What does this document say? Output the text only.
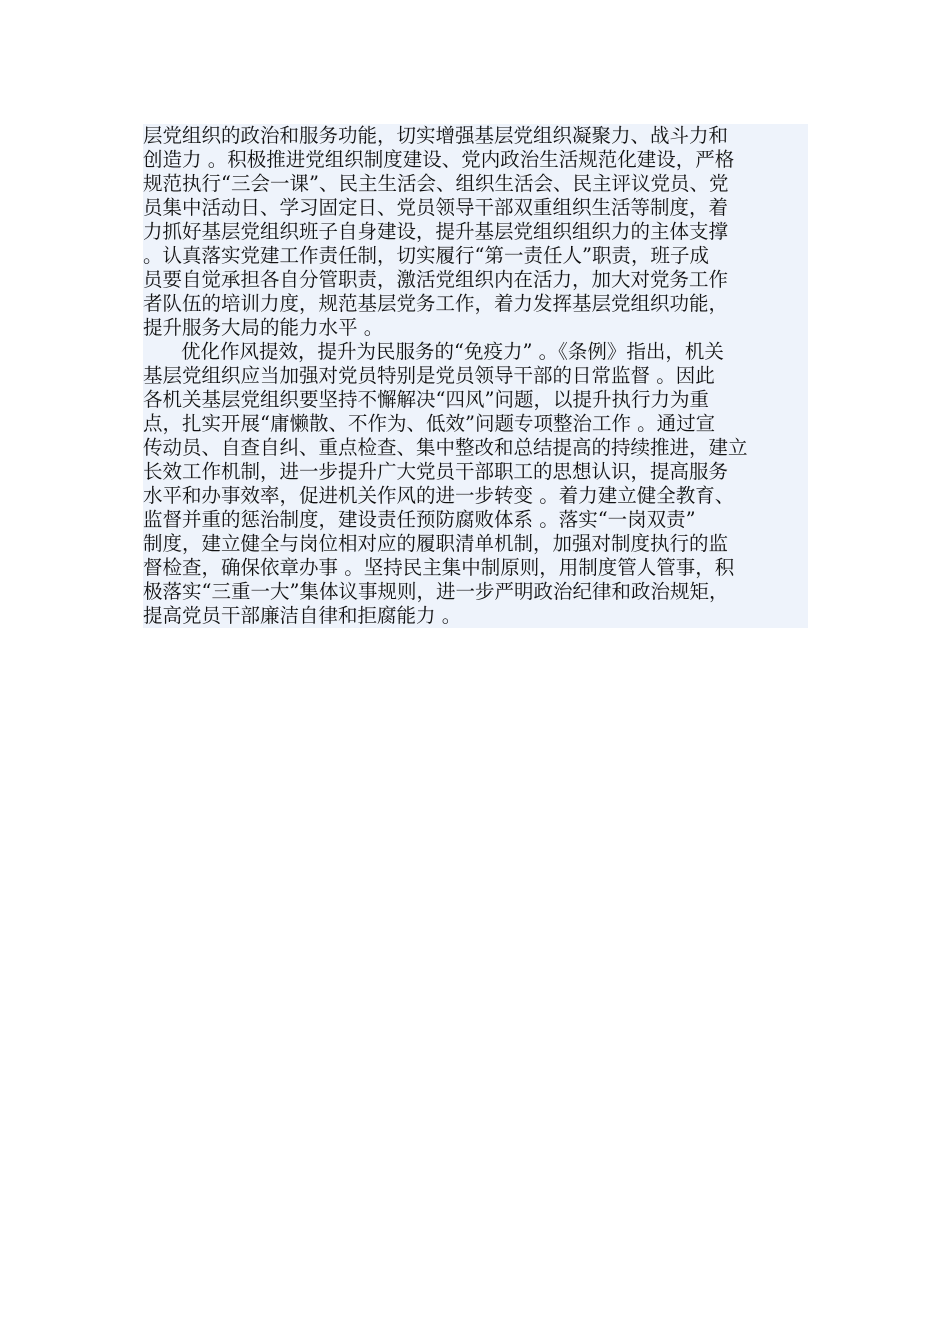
层党组织的政治和服务功能，切实增强基层党组织凝聚力、战斗力和
创造力 。积极推进党组织制度建设、党内政治生活规范化建设，严格
规范执行“三会一课”、民主生活会、组织生活会、民主评议党员、党
员集中活动日、学习固定日、党员领导干部双重组织生活等制度，着
力抓好基层党组织班子自身建设，提升基层党组织组织力的主体支撑
。认真落实党建工作责任制，切实履行“第一责任人”职责，班子成
员要自觉承担各自分管职责，激活党组织内在活力，加大对党务工作
者队伍的培训力度，规范基层党务工作，着力发挥基层党组织功能，
提升服务大局的能力水平 。
优化作风提效，提升为民服务的“免疫力” 。《条例》指出，机关
基层党组织应当加强对党员特别是党员领导干部的日常监督 。因此
各机关基层党组织要坚持不懈解决“四风”问题，以提升执行力为重
点，扎实开展“庸懒散、不作为、低效”问题专项整治工作 。通过宣
传动员、自查自纠、重点检查、集中整改和总结提高的持续推进，建立
长效工作机制，进一步提升广大党员干部职工的思想认识，提高服务
水平和办事效率，促进机关作风的进一步转变 。着力建立健全教育、
监督并重的惩治制度，建设责任预防腐败体系 。落实“一岗双责”
制度，建立健全与岗位相对应的履职清单机制，加强对制度执行的监
督检查，确保依章办事 。坚持民主集中制原则，用制度管人管事，积
极落实“三重一大”集体议事规则，进一步严明政治纪律和政治规矩，
提高党员干部廉洁自律和拒腐能力 。
